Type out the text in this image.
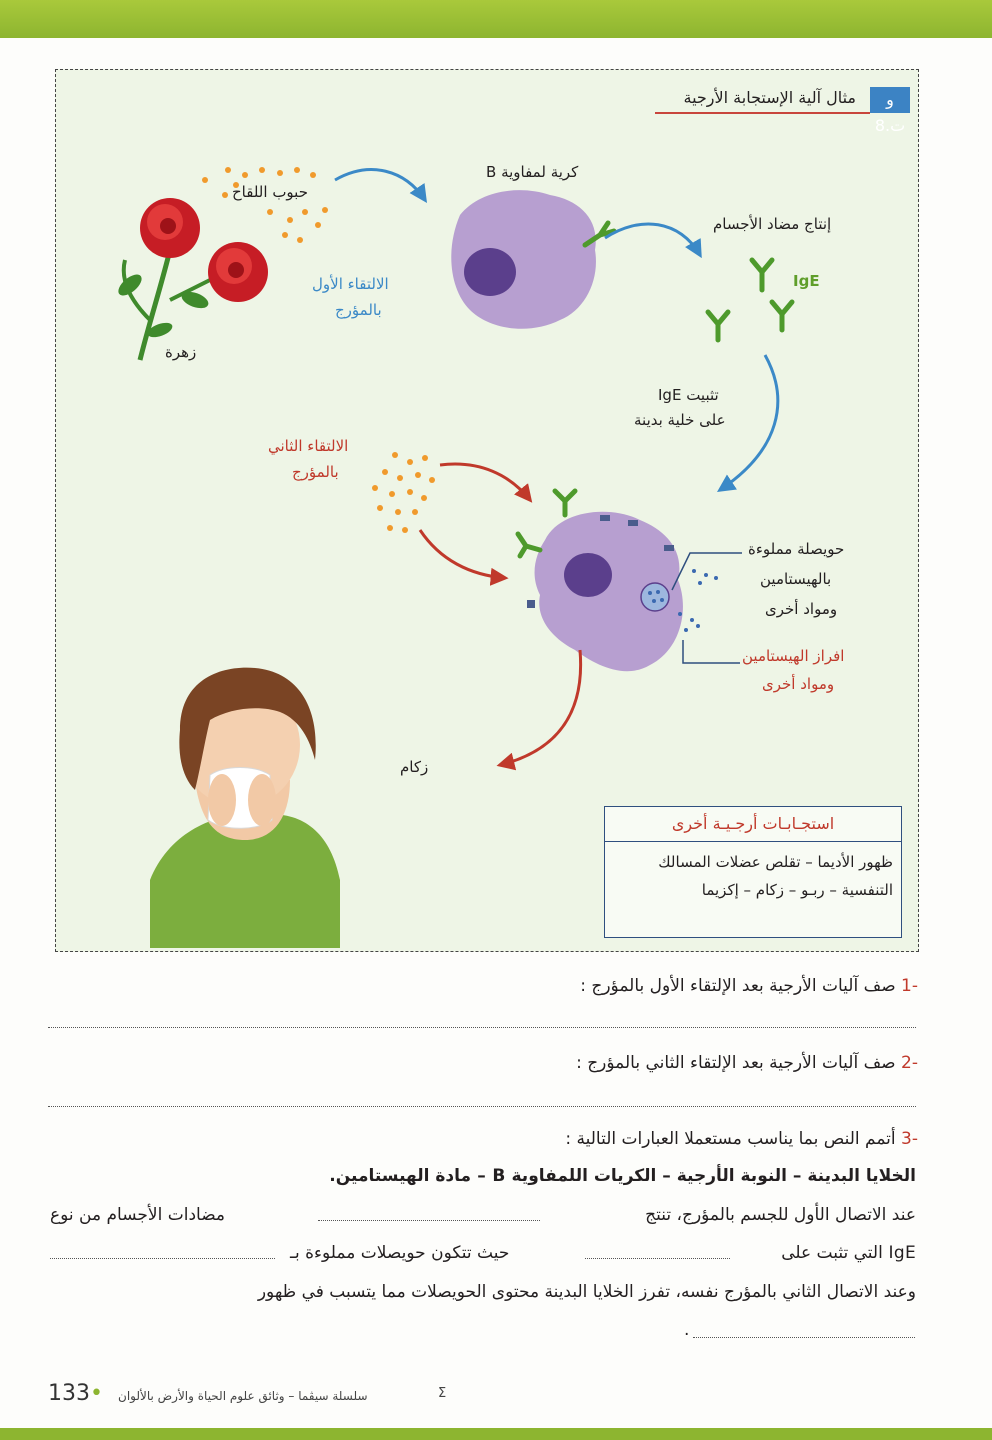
و ت.8
مثال آلية الإستجابة الأرجية
حبوب اللقاح
زهرة
الالتقاء الأول
بالمؤرج
كرية لمفاوية B
إنتاج مضاد الأجسام
IgE
تثبيت IgE
على خلية بدينة
الالتقاء الثاني
بالمؤرج
حويصلة مملوءة
بالهيستامين
ومواد أخرى
افراز الهيستامين
ومواد أخرى
زكام
استجـابـات أرجـيـة أخرى
ظهور الأديما – تقلص عضلات المسالك التنفسية – ربـو – زكام – إكزيما
-1 صف آليات الأرجية بعد الإلتقاء الأول بالمؤرج :
-2 صف آليات الأرجية بعد الإلتقاء الثاني بالمؤرج :
-3 أتمم النص بما يناسب مستعملا العبارات التالية :
الخلايا البدينة – النوبة الأرجية – الكريات اللمفاوية B – مادة الهيستامين.
عند الاتصال الأول للجسم بالمؤرج، تنتج
مضادات الأجسام من نوع
IgE التي تثبت على
حيث تتكون حويصلات مملوءة بـ
وعند الاتصال الثاني بالمؤرج نفسه، تفرز الخلايا البدينة محتوى الحويصلات مما يتسبب في ظهور
.
133• سلسلة سيڤما – وثائق علوم الحياة والأرض بالألوان	Σ
